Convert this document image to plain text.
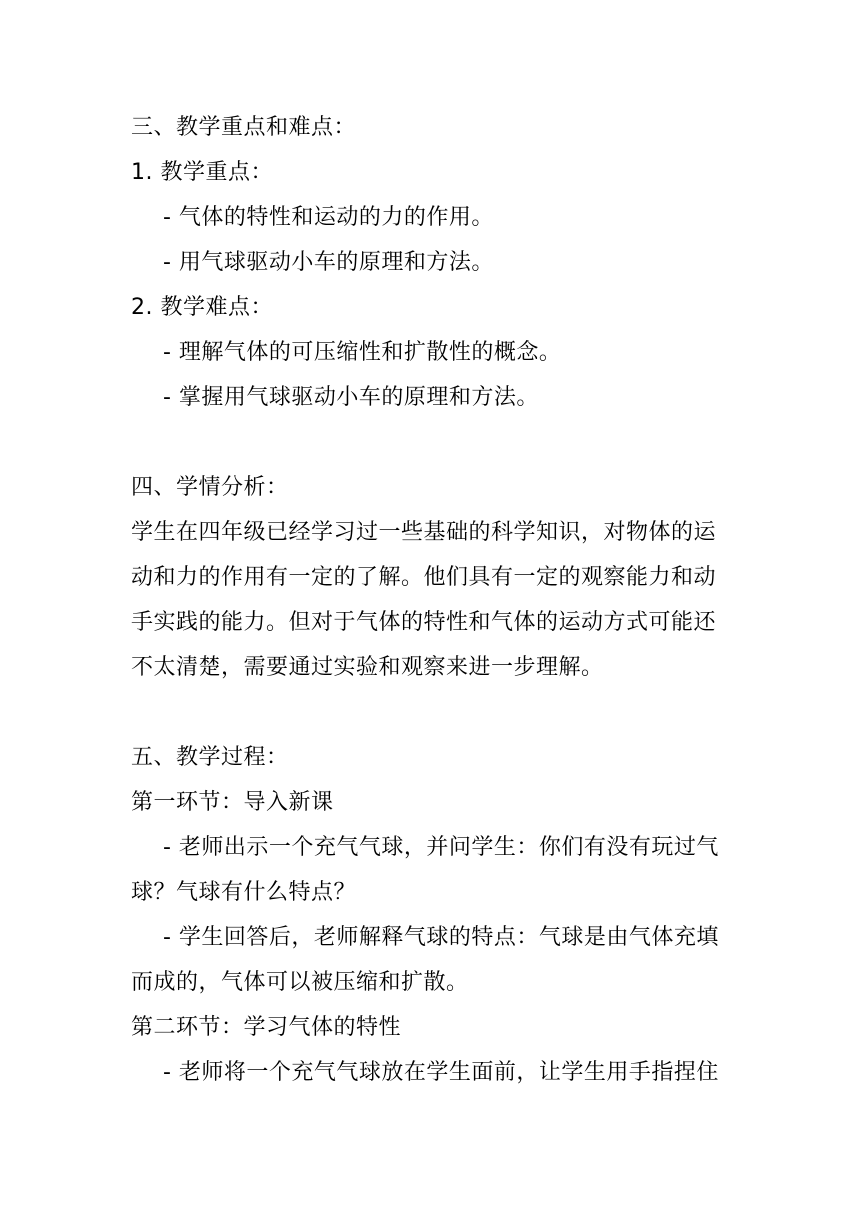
三、教学重点和难点：
1. 教学重点：
- 气体的特性和运动的力的作用。
- 用气球驱动小车的原理和方法。
2. 教学难点：
- 理解气体的可压缩性和扩散性的概念。
- 掌握用气球驱动小车的原理和方法。
四、学情分析：
学生在四年级已经学习过一些基础的科学知识，对物体的运
动和力的作用有一定的了解。他们具有一定的观察能力和动
手实践的能力。但对于气体的特性和气体的运动方式可能还
不太清楚，需要通过实验和观察来进一步理解。
五、教学过程：
第一环节：导入新课
- 老师出示一个充气气球，并问学生：你们有没有玩过气
球？气球有什么特点？
- 学生回答后，老师解释气球的特点：气球是由气体充填
而成的，气体可以被压缩和扩散。
第二环节：学习气体的特性
- 老师将一个充气气球放在学生面前，让学生用手指捏住
